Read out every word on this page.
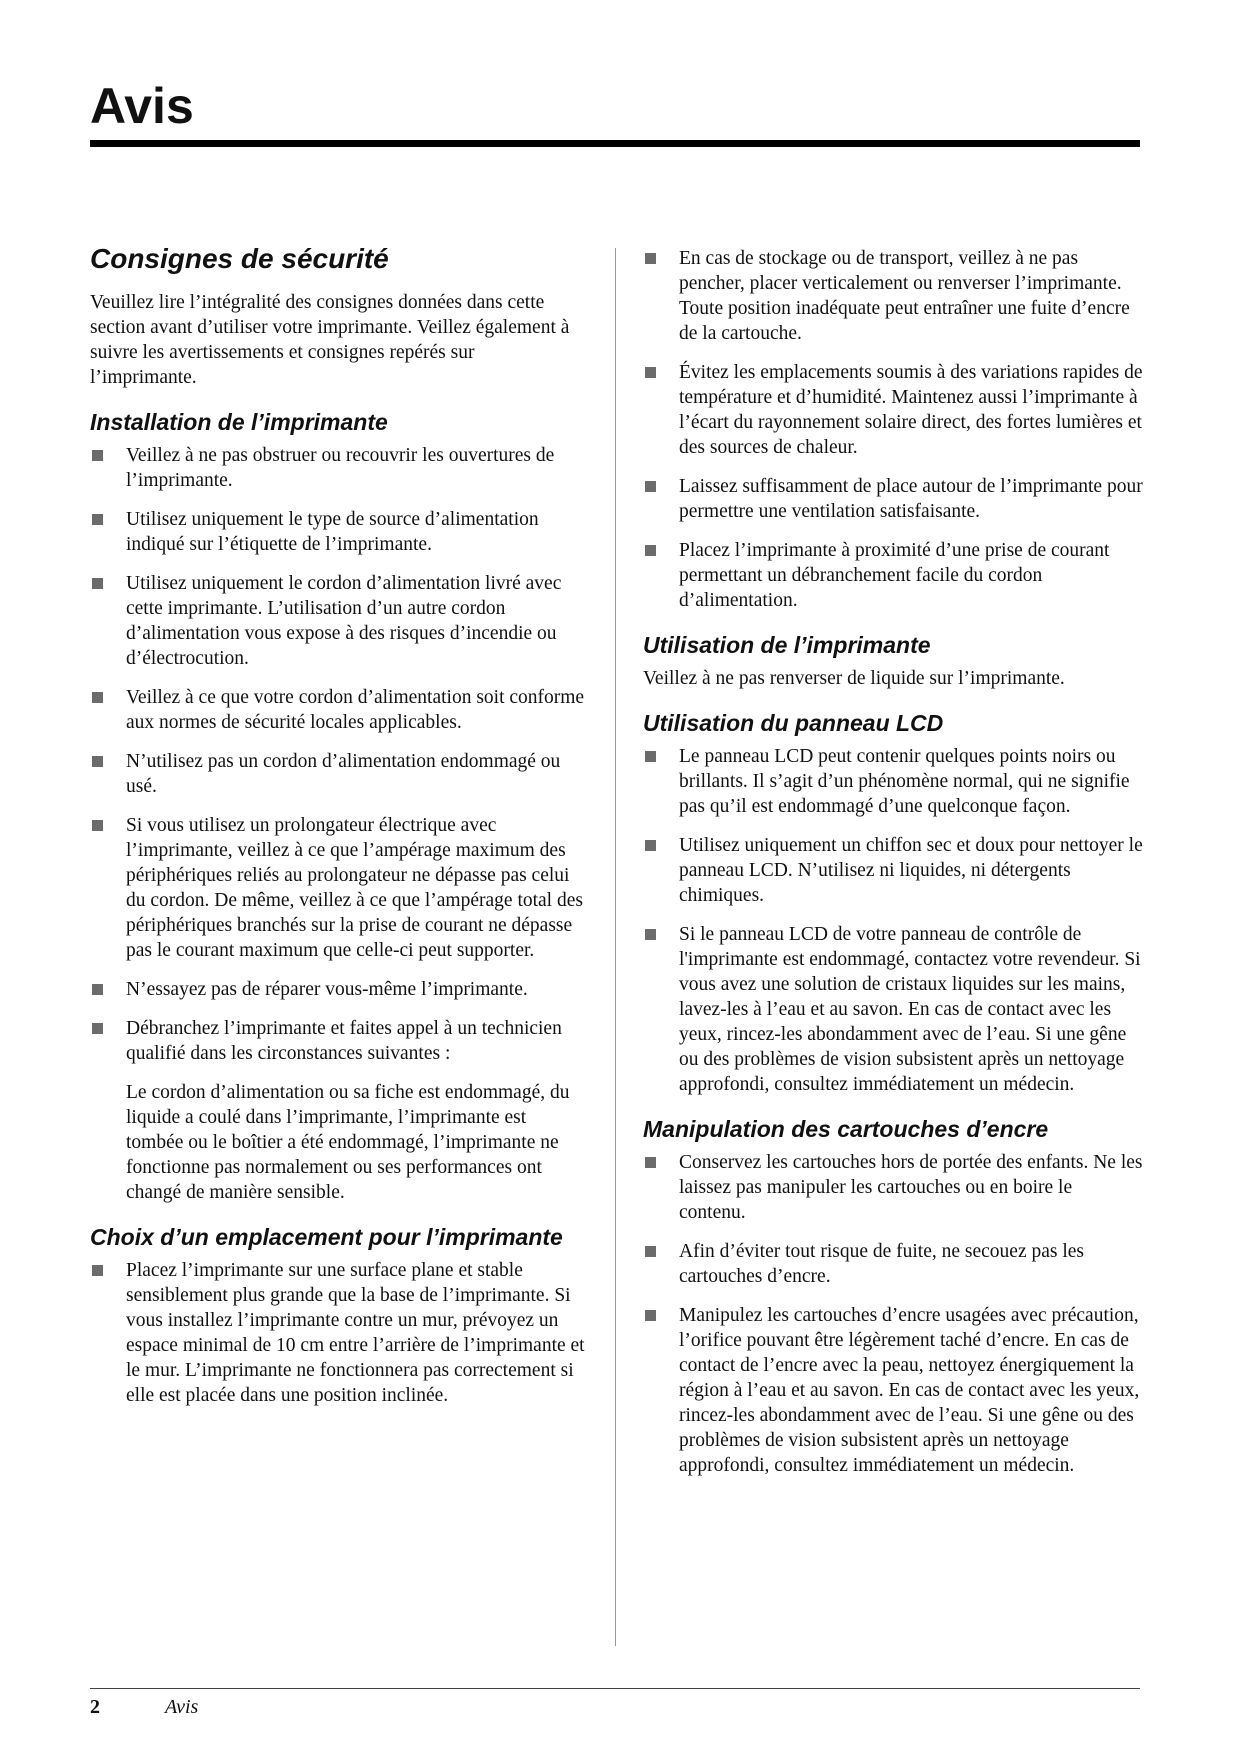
Avis
Consignes de sécurité

Veuillez lire l’intégralité des consignes données dans cette section avant d’utiliser votre imprimante. Veillez également à suivre les avertissements et consignes repérés sur l’imprimante.

Installation de l’imprimante
Veillez à ne pas obstruer ou recouvrir les ouvertures de l’imprimante.
Utilisez uniquement le type de source d’alimentation indiqué sur l’étiquette de l’imprimante.
Utilisez uniquement le cordon d’alimentation livré avec cette imprimante. L’utilisation d’un autre cordon d’alimentation vous expose à des risques d’incendie ou d’électrocution.
Veillez à ce que votre cordon d’alimentation soit conforme aux normes de sécurité locales applicables.
N’utilisez pas un cordon d’alimentation endommagé ou usé.
Si vous utilisez un prolongateur électrique avec l’imprimante, veillez à ce que l’ampérage maximum des périphériques reliés au prolongateur ne dépasse pas celui du cordon. De même, veillez à ce que l’ampérage total des périphériques branchés sur la prise de courant ne dépasse pas le courant maximum que celle-ci peut supporter.
N’essayez pas de réparer vous-même l’imprimante.
Débranchez l’imprimante et faites appel à un technicien qualifié dans les circonstances suivantes :

Le cordon d’alimentation ou sa fiche est endommagé, du liquide a coulé dans l’imprimante, l’imprimante est tombée ou le boîtier a été endommagé, l’imprimante ne fonctionne pas normalement ou ses performances ont changé de manière sensible.

Choix d’un emplacement pour l’imprimante
Placez l’imprimante sur une surface plane et stable sensiblement plus grande que la base de l’imprimante. Si vous installez l’imprimante contre un mur, prévoyez un espace minimal de 10 cm entre l’arrière de l’imprimante et le mur. L’imprimante ne fonctionnera pas correctement si elle est placée dans une position inclinée.
En cas de stockage ou de transport, veillez à ne pas pencher, placer verticalement ou renverser l’imprimante. Toute position inadéquate peut entraîner une fuite d’encre de la cartouche.
Évitez les emplacements soumis à des variations rapides de température et d’humidité. Maintenez aussi l’imprimante à l’écart du rayonnement solaire direct, des fortes lumières et des sources de chaleur.
Laissez suffisamment de place autour de l’imprimante pour permettre une ventilation satisfaisante.
Placez l’imprimante à proximité d’une prise de courant permettant un débranchement facile du cordon d’alimentation.
Utilisation de l’imprimante

Veillez à ne pas renverser de liquide sur l’imprimante.

Utilisation du panneau LCD
Le panneau LCD peut contenir quelques points noirs ou brillants. Il s’agit d’un phénomène normal, qui ne signifie pas qu’il est endommagé d’une quelconque façon.
Utilisez uniquement un chiffon sec et doux pour nettoyer le panneau LCD. N’utilisez ni liquides, ni détergents chimiques.
Si le panneau LCD de votre panneau de contrôle de l'imprimante est endommagé, contactez votre revendeur. Si vous avez une solution de cristaux liquides sur les mains, lavez-les à l’eau et au savon. En cas de contact avec les yeux, rincez-les abondamment avec de l’eau. Si une gêne ou des problèmes de vision subsistent après un nettoyage approfondi, consultez immédiatement un médecin.
Manipulation des cartouches d’encre
Conservez les cartouches hors de portée des enfants. Ne les laissez pas manipuler les cartouches ou en boire le contenu.
Afin d’éviter tout risque de fuite, ne secouez pas les cartouches d’encre.
Manipulez les cartouches d’encre usagées avec précaution, l’orifice pouvant être légèrement taché d’encre. En cas de contact de l’encre avec la peau, nettoyez énergiquement la région à l’eau et au savon. En cas de contact avec les yeux, rincez-les abondamment avec de l’eau. Si une gêne ou des problèmes de vision subsistent après un nettoyage approfondi, consultez immédiatement un médecin.
2	Avis
